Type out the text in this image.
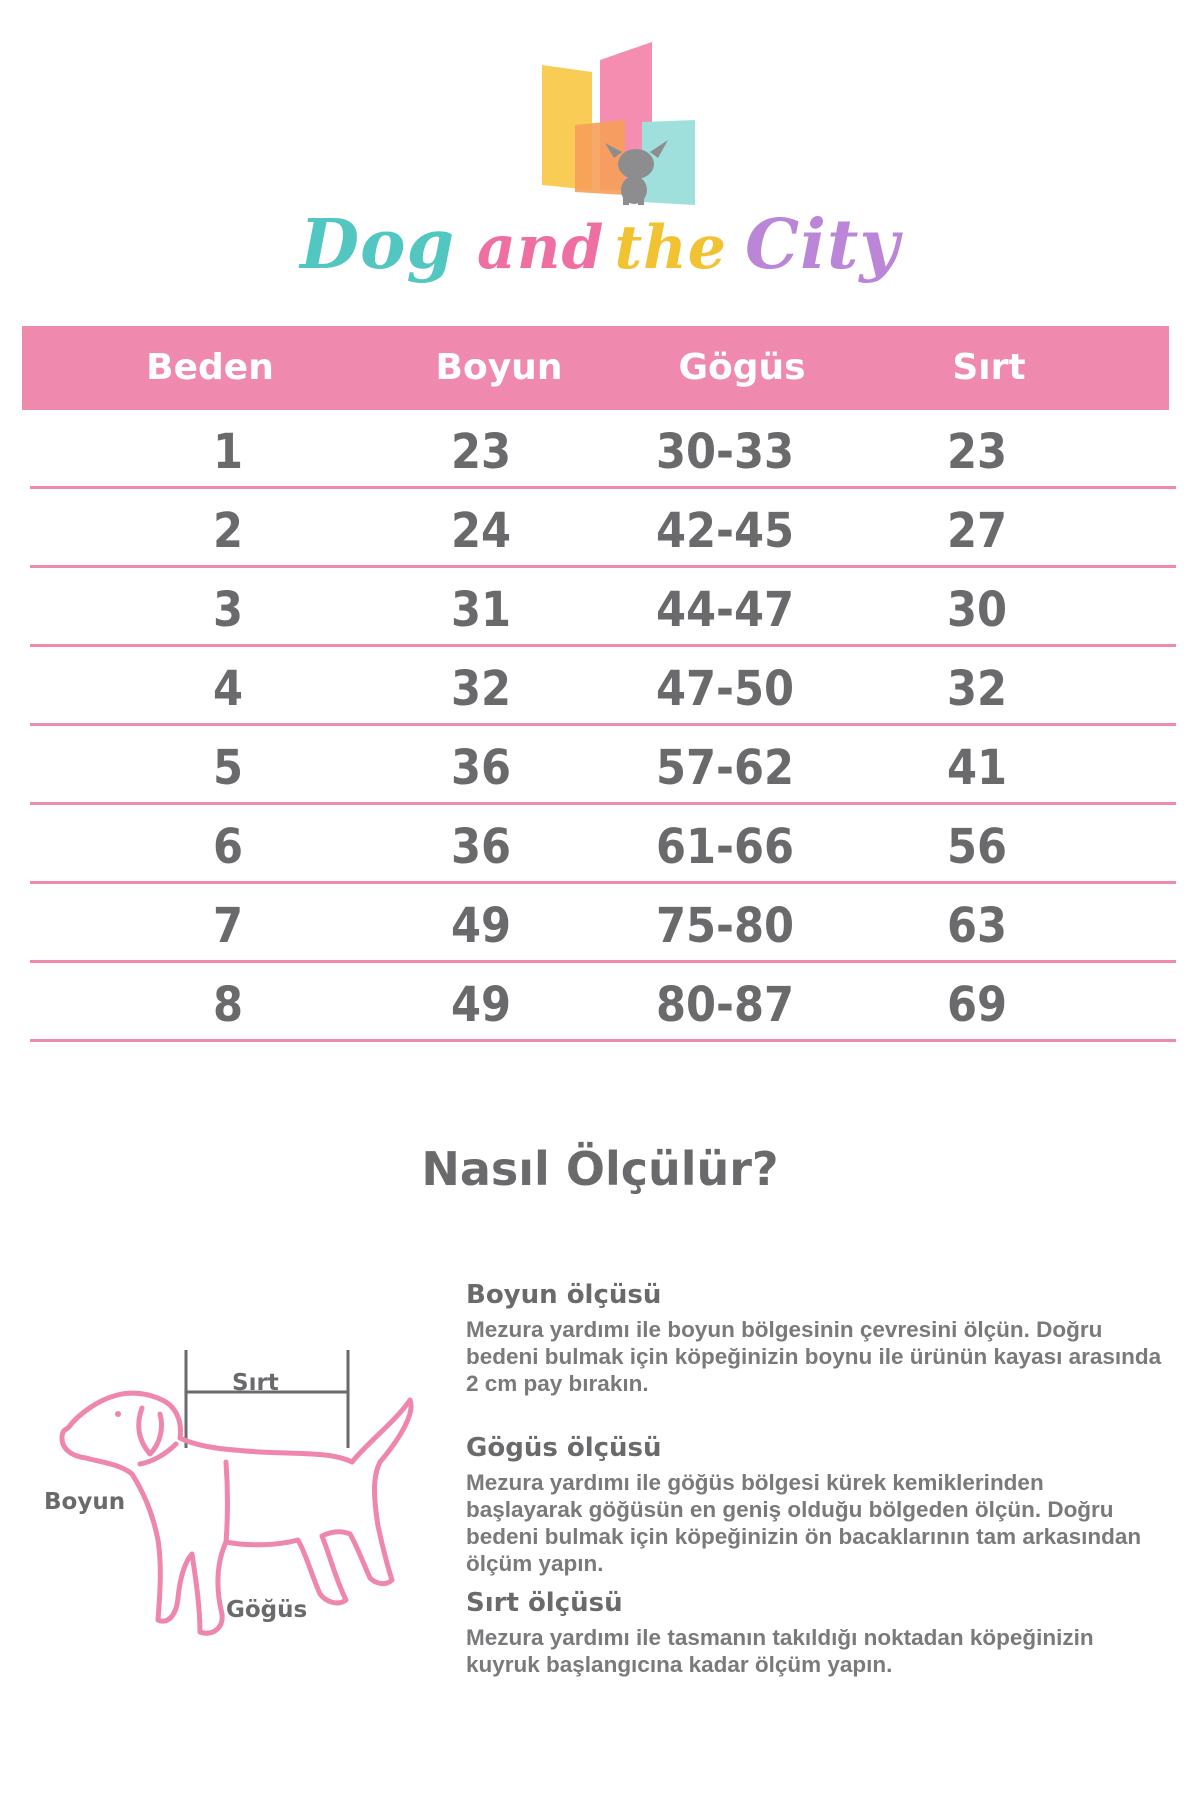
Dog and the City
Beden	Boyun	Gögüs	Sırt
1	23	30-33	23
2	24	42-45	27
3	31	44-47	30
4	32	47-50	32
5	36	57-62	41
6	36	61-66	56
7	49	75-80	63
8	49	80-87	69
Nasıl Ölçülür?
Boyun ölçüsü

Mezura yardımı ile boyun bölgesinin çevresini ölçün. Doğru bedeni bulmak için köpeğinizin boynu ile ürünün kayası arasında 2 cm pay bırakın.

Gögüs ölçüsü

Mezura yardımı ile göğüs bölgesi kürek kemiklerinden başlayarak göğüsün en geniş olduğu bölgeden ölçün. Doğru bedeni bulmak için köpeğinizin ön bacaklarının tam arkasından ölçüm yapın.

Sırt ölçüsü

Mezura yardımı ile tasmanın takıldığı noktadan köpeğinizin kuyruk başlangıcına kadar ölçüm yapın.

Sırt
Boyun
Göğüs
